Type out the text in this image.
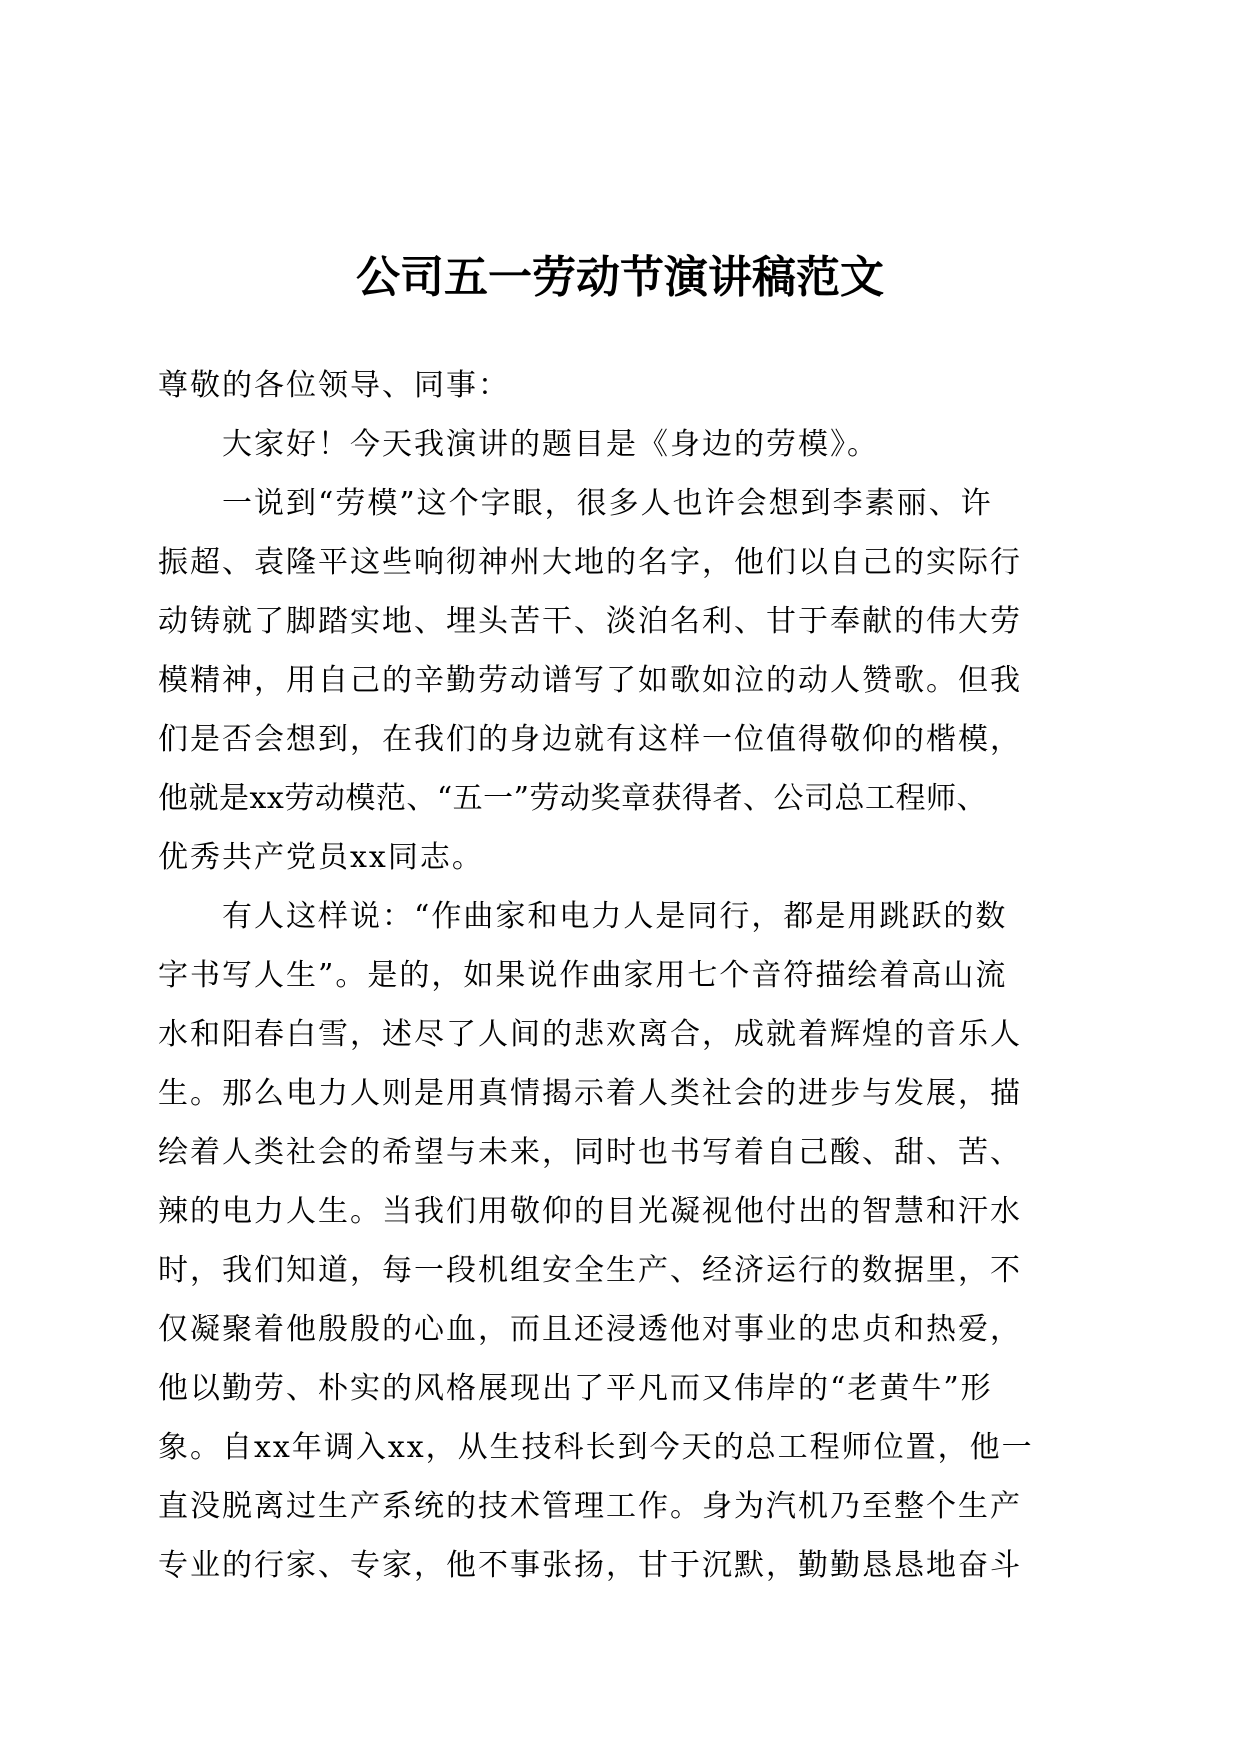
公司五一劳动节演讲稿范文
尊敬的各位领导、同事：
大家好！今天我演讲的题目是《身边的劳模》。
一说到“劳模”这个字眼，很多人也许会想到李素丽、许
振超、袁隆平这些响彻神州大地的名字，他们以自己的实际行
动铸就了脚踏实地、埋头苦干、淡泊名利、甘于奉献的伟大劳
模精神，用自己的辛勤劳动谱写了如歌如泣的动人赞歌。但我
们是否会想到，在我们的身边就有这样一位值得敬仰的楷模，
他就是xx劳动模范、“五一”劳动奖章获得者、公司总工程师、
优秀共产党员xx同志。
有人这样说：“作曲家和电力人是同行，都是用跳跃的数
字书写人生”。是的，如果说作曲家用七个音符描绘着高山流
水和阳春白雪，述尽了人间的悲欢离合，成就着辉煌的音乐人
生。那么电力人则是用真情揭示着人类社会的进步与发展，描
绘着人类社会的希望与未来，同时也书写着自己酸、甜、苦、
辣的电力人生。当我们用敬仰的目光凝视他付出的智慧和汗水
时，我们知道，每一段机组安全生产、经济运行的数据里，不
仅凝聚着他殷殷的心血，而且还浸透他对事业的忠贞和热爱，
他以勤劳、朴实的风格展现出了平凡而又伟岸的“老黄牛”形
象。自xx年调入xx，从生技科长到今天的总工程师位置，他一
直没脱离过生产系统的技术管理工作。身为汽机乃至整个生产
专业的行家、专家，他不事张扬，甘于沉默，勤勤恳恳地奋斗
